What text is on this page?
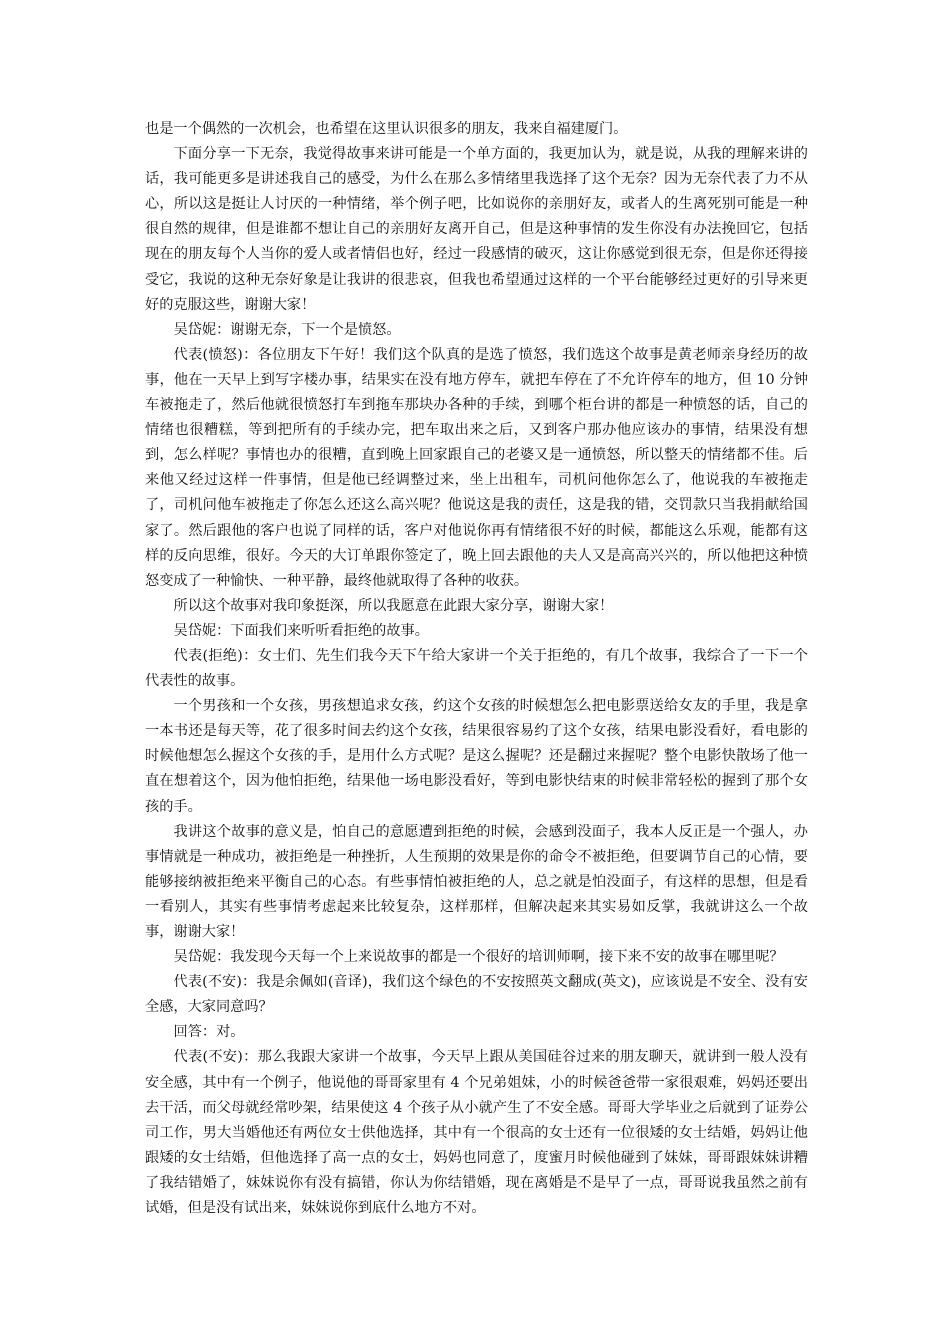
也是一个偶然的一次机会，也希望在这里认识很多的朋友，我来自福建厦门。

下面分享一下无奈，我觉得故事来讲可能是一个单方面的，我更加认为，就是说，从我的理解来讲的话，我可能更多是讲述我自己的感受，为什么在那么多情绪里我选择了这个无奈？因为无奈代表了力不从心，所以这是挺让人讨厌的一种情绪，举个例子吧，比如说你的亲朋好友，或者人的生离死别可能是一种很自然的规律，但是谁都不想让自己的亲朋好友离开自己，但是这种事情的发生你没有办法挽回它，包括现在的朋友每个人当你的爱人或者情侣也好，经过一段感情的破灭，这让你感觉到很无奈，但是你还得接受它，我说的这种无奈好象是让我讲的很悲哀，但我也希望通过这样的一个平台能够经过更好的引导来更好的克服这些，谢谢大家！

吴岱妮：谢谢无奈，下一个是愤怒。

代表(愤怒)：各位朋友下午好！我们这个队真的是选了愤怒，我们选这个故事是黄老师亲身经历的故事，他在一天早上到写字楼办事，结果实在没有地方停车，就把车停在了不允许停车的地方，但 10 分钟车被拖走了，然后他就很愤怒打车到拖车那块办各种的手续，到哪个柜台讲的都是一种愤怒的话，自己的情绪也很糟糕，等到把所有的手续办完，把车取出来之后，又到客户那办他应该办的事情，结果没有想到，怎么样呢？事情也办的很糟，直到晚上回家跟自己的老婆又是一通愤怒，所以整天的情绪都不佳。后来他又经过这样一件事情，但是他已经调整过来，坐上出租车，司机问他你怎么了，他说我的车被拖走了，司机问他车被拖走了你怎么还这么高兴呢？他说这是我的责任，这是我的错，交罚款只当我捐献给国家了。然后跟他的客户也说了同样的话，客户对他说你再有情绪很不好的时候，都能这么乐观，能都有这样的反向思维，很好。今天的大订单跟你签定了，晚上回去跟他的夫人又是高高兴兴的，所以他把这种愤怒变成了一种愉快、一种平静，最终他就取得了各种的收获。

所以这个故事对我印象挺深，所以我愿意在此跟大家分享，谢谢大家！

吴岱妮：下面我们来听听看拒绝的故事。

代表(拒绝)：女士们、先生们我今天下午给大家讲一个关于拒绝的，有几个故事，我综合了一下一个代表性的故事。

一个男孩和一个女孩，男孩想追求女孩，约这个女孩的时候想怎么把电影票送给女友的手里，我是拿一本书还是每天等，花了很多时间去约这个女孩，结果很容易约了这个女孩，结果电影没看好，看电影的时候他想怎么握这个女孩的手，是用什么方式呢？是这么握呢？还是翻过来握呢？整个电影快散场了他一直在想着这个，因为他怕拒绝，结果他一场电影没看好，等到电影快结束的时候非常轻松的握到了那个女孩的手。

我讲这个故事的意义是，怕自己的意愿遭到拒绝的时候，会感到没面子，我本人反正是一个强人，办事情就是一种成功，被拒绝是一种挫折，人生预期的效果是你的命令不被拒绝，但要调节自己的心情，要能够接纳被拒绝来平衡自己的心态。有些事情怕被拒绝的人，总之就是怕没面子，有这样的思想，但是看一看别人，其实有些事情考虑起来比较复杂，这样那样，但解决起来其实易如反掌，我就讲这么一个故事，谢谢大家！

吴岱妮：我发现今天每一个上来说故事的都是一个很好的培训师啊，接下来不安的故事在哪里呢？

代表(不安)：我是余佩如(音译)，我们这个绿色的不安按照英文翻成(英文)，应该说是不安全、没有安全感，大家同意吗？

回答：对。

代表(不安)：那么我跟大家讲一个故事，今天早上跟从美国硅谷过来的朋友聊天，就讲到一般人没有安全感，其中有一个例子，他说他的哥哥家里有 4 个兄弟姐妹，小的时候爸爸带一家很艰难，妈妈还要出去干活，而父母就经常吵架，结果使这 4 个孩子从小就产生了不安全感。哥哥大学毕业之后就到了证券公司工作，男大当婚他还有两位女士供他选择，其中有一个很高的女士还有一位很矮的女士结婚，妈妈让他跟矮的女士结婚，但他选择了高一点的女士，妈妈也同意了，度蜜月时候他碰到了妹妹，哥哥跟妹妹讲糟了我结错婚了，妹妹说你有没有搞错，你认为你结错婚，现在离婚是不是早了一点，哥哥说我虽然之前有试婚，但是没有试出来，妹妹说你到底什么地方不对。
